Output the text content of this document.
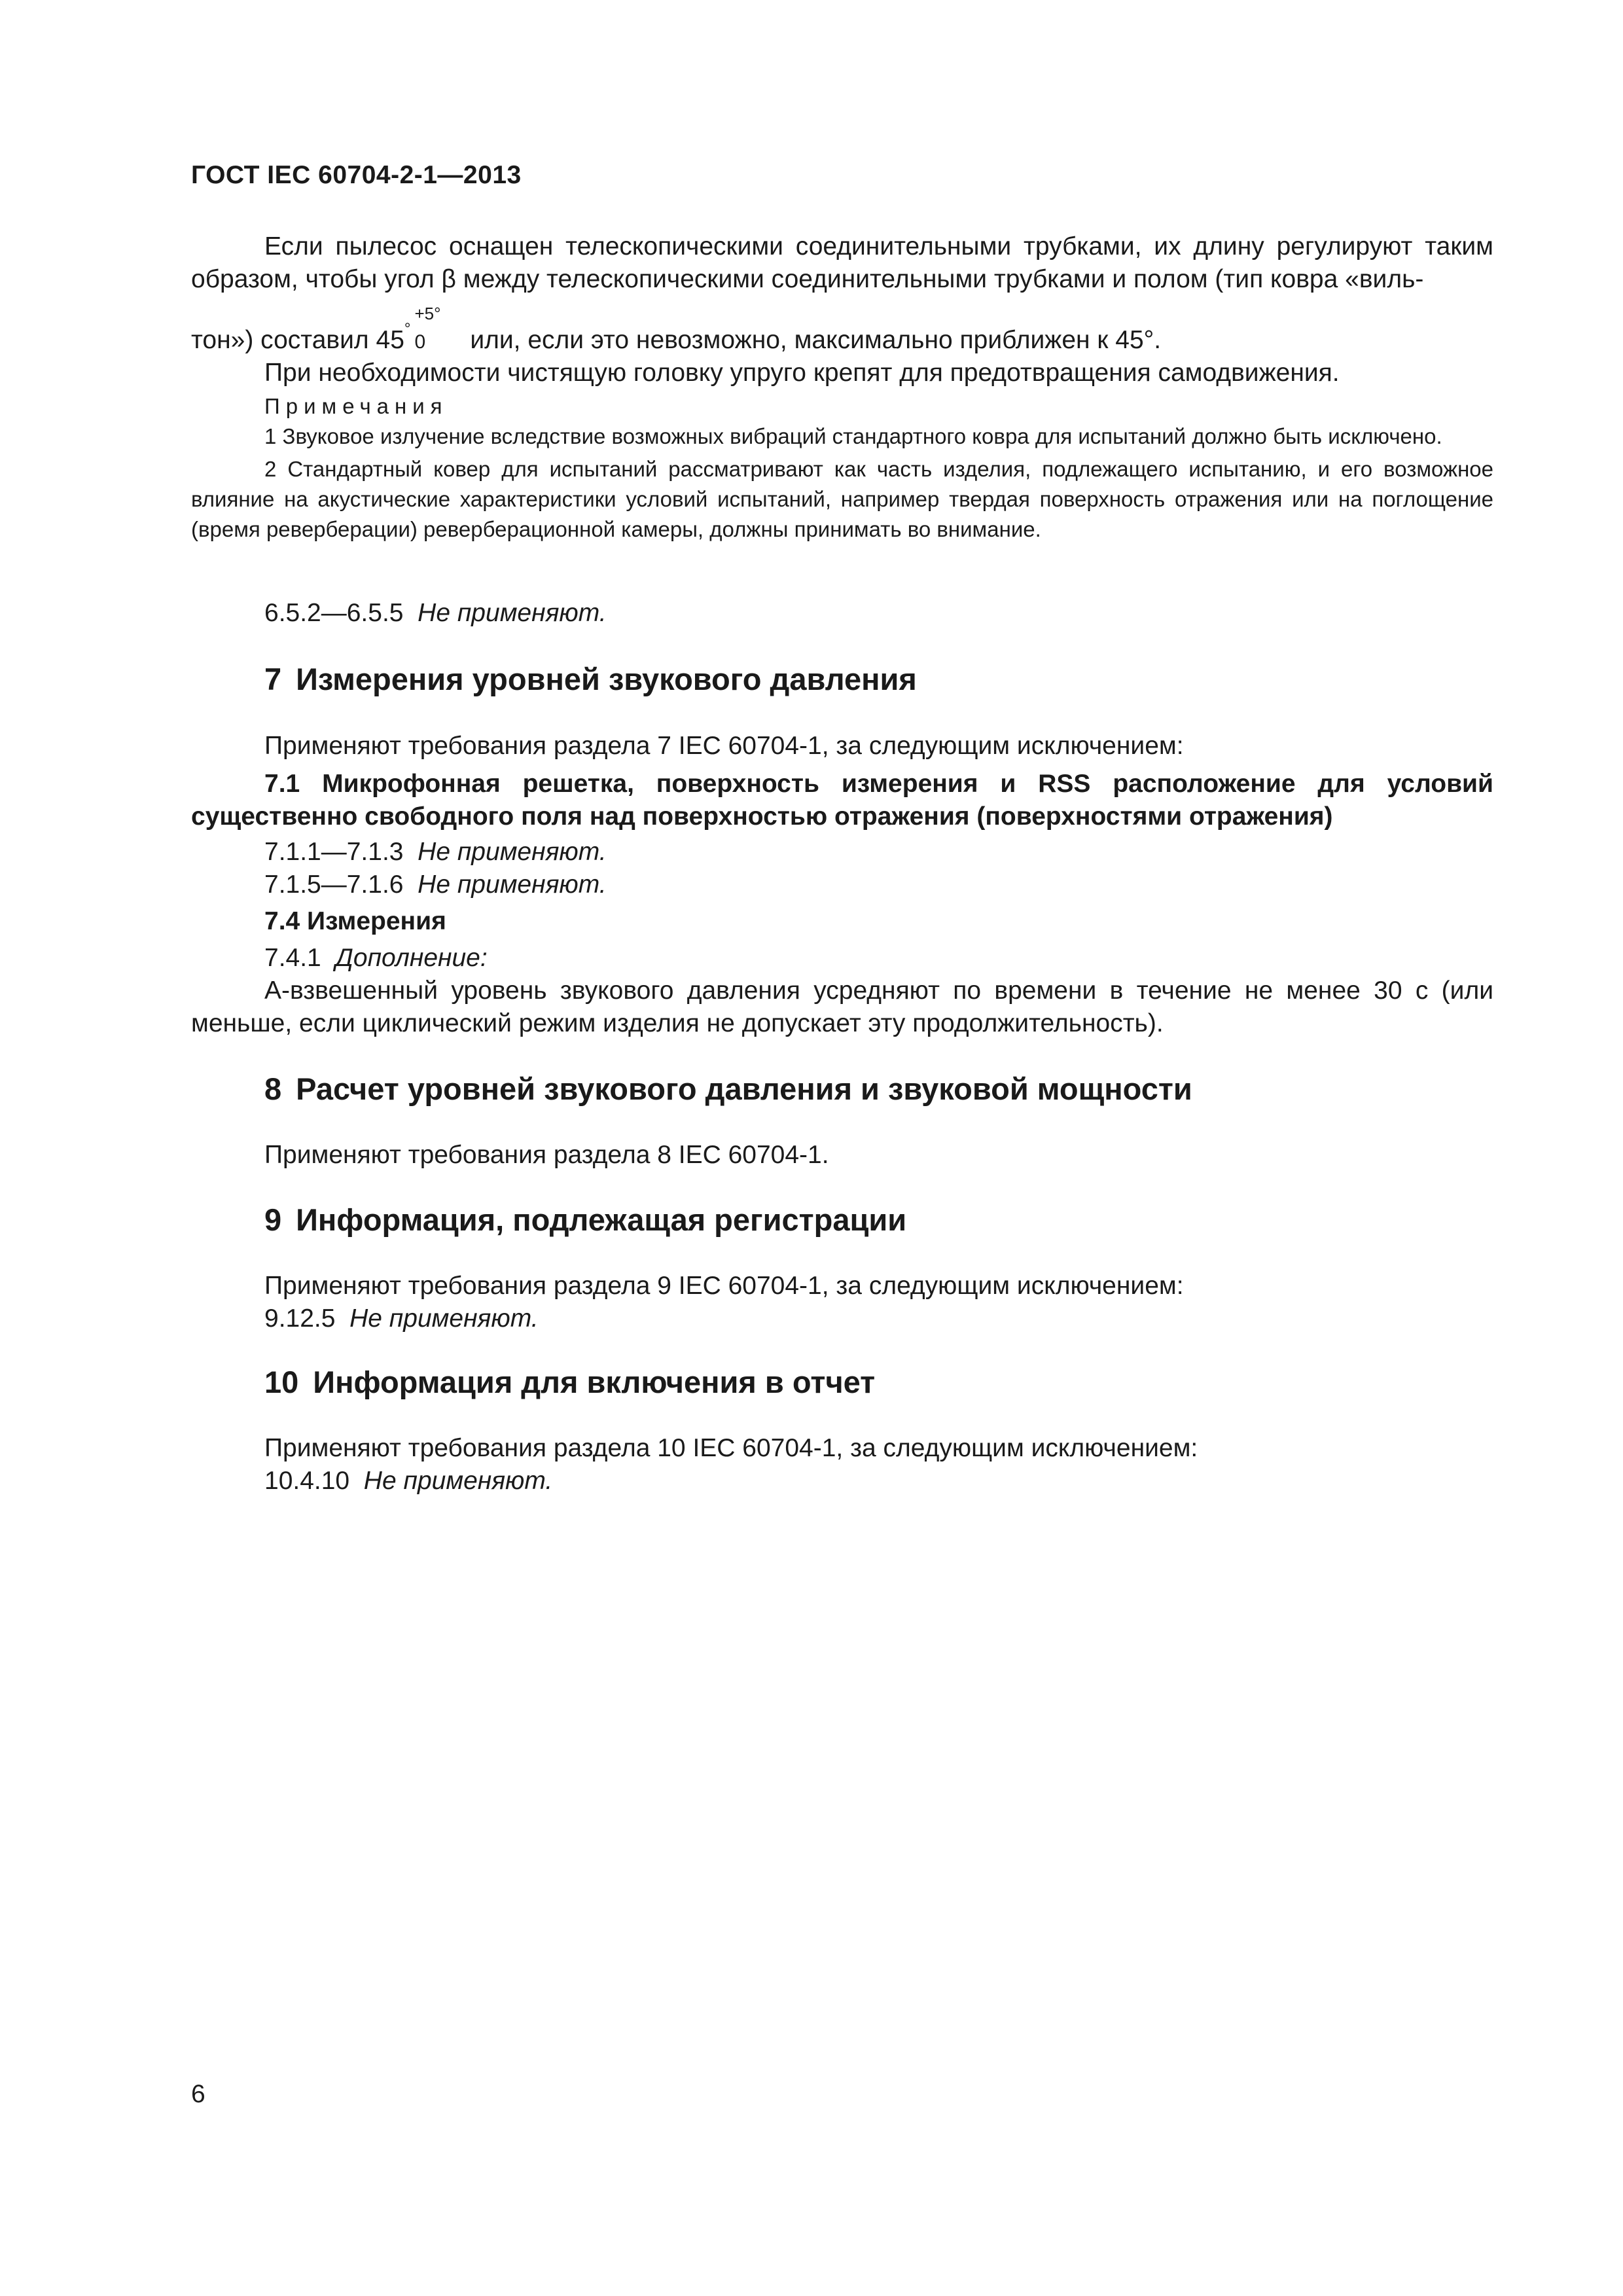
ГОСТ IEC 60704-2-1—2013

Если пылесос оснащен телескопическими соединительными трубками, их длину регулируют таким образом, чтобы угол β между телескопическими соединительными трубками и полом (тип ковра «виль-

тон») составил 45°
+5°
0 или, если это невозможно, максимально приближен к 45°.

При необходимости чистящую головку упруго крепят для предотвращения самодвижения.

Примечания

1 Звуковое излучение вследствие возможных вибраций стандартного ковра для испытаний должно быть исключено.

2 Стандартный ковер для испытаний рассматривают как часть изделия, подлежащего испытанию, и его возможное влияние на акустические характеристики условий испытаний, например твердая поверхность отражения или на поглощение (время реверберации) реверберационной камеры, должны принимать во внимание.

6.5.2—6.5.5 Не применяют.

7 Измерения уровней звукового давления

Применяют требования раздела 7 IEC 60704-1, за следующим исключением:

7.1 Микрофонная решетка, поверхность измерения и RSS расположение для условий существенно свободного поля над поверхностью отражения (поверхностями отражения)

7.1.1—7.1.3 Не применяют.

7.1.5—7.1.6 Не применяют.

7.4 Измерения

7.4.1 Дополнение:

А-взвешенный уровень звукового давления усредняют по времени в течение не менее 30 с (или меньше, если циклический режим изделия не допускает эту продолжительность).

8 Расчет уровней звукового давления и звуковой мощности

Применяют требования раздела 8 IEC 60704-1.

9 Информация, подлежащая регистрации

Применяют требования раздела 9 IEC 60704-1, за следующим исключением:

9.12.5 Не применяют.

10 Информация для включения в отчет

Применяют требования раздела 10 IEC 60704-1, за следующим исключением:

10.4.10 Не применяют.

6
